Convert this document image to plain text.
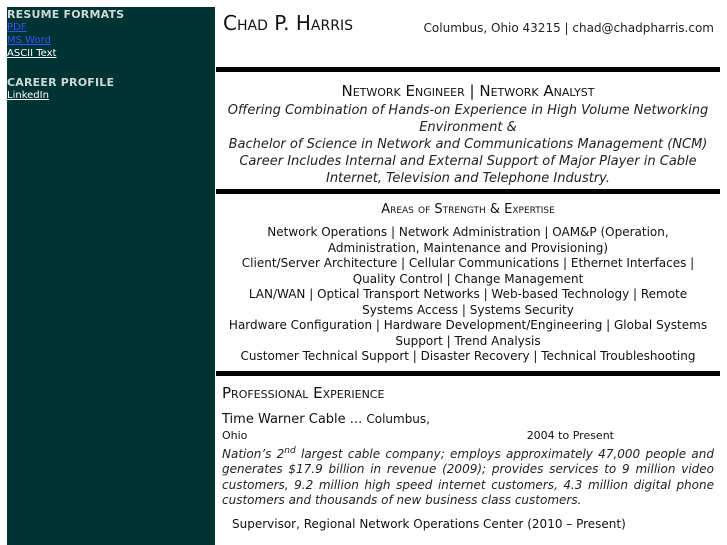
RESUME FORMATS

PDF
MS Word
ASCII Text

CAREER PROFILE

LinkedIn
Chad P. Harris	Columbus, Ohio 43215 | chad@chadpharris.com

Network Engineer | Network Analyst

Offering Combination of Hands-on Experience in High Volume Networking Environment &

Bachelor of Science in Network and Communications Management (NCM)

Career Includes Internal and External Support of Major Player in Cable Internet, Television and Telephone Industry.

Areas of Strength & Expertise

Network Operations | Network Administration | OAM&P (Operation, Administration, Maintenance and Provisioning)

Client/Server Architecture | Cellular Communications | Ethernet Interfaces | Quality Control | Change Management

LAN/WAN | Optical Transport Networks | Web-based Technology | Remote Systems Access | Systems Security

Hardware Configuration | Hardware Development/Engineering | Global Systems Support | Trend Analysis

Customer Technical Support | Disaster Recovery | Technical Troubleshooting

Professional Experience

Time Warner Cable ... Columbus,

Ohio	2004 to Present

Nation’s 2nd largest cable company; employs approximately 47,000 people and generates $17.9 billion in revenue (2009); provides services to 9 million video customers, 9.2 million high speed internet customers, 4.3 million digital phone customers and thousands of new business class customers.

Supervisor, Regional Network Operations Center (2010 – Present)
